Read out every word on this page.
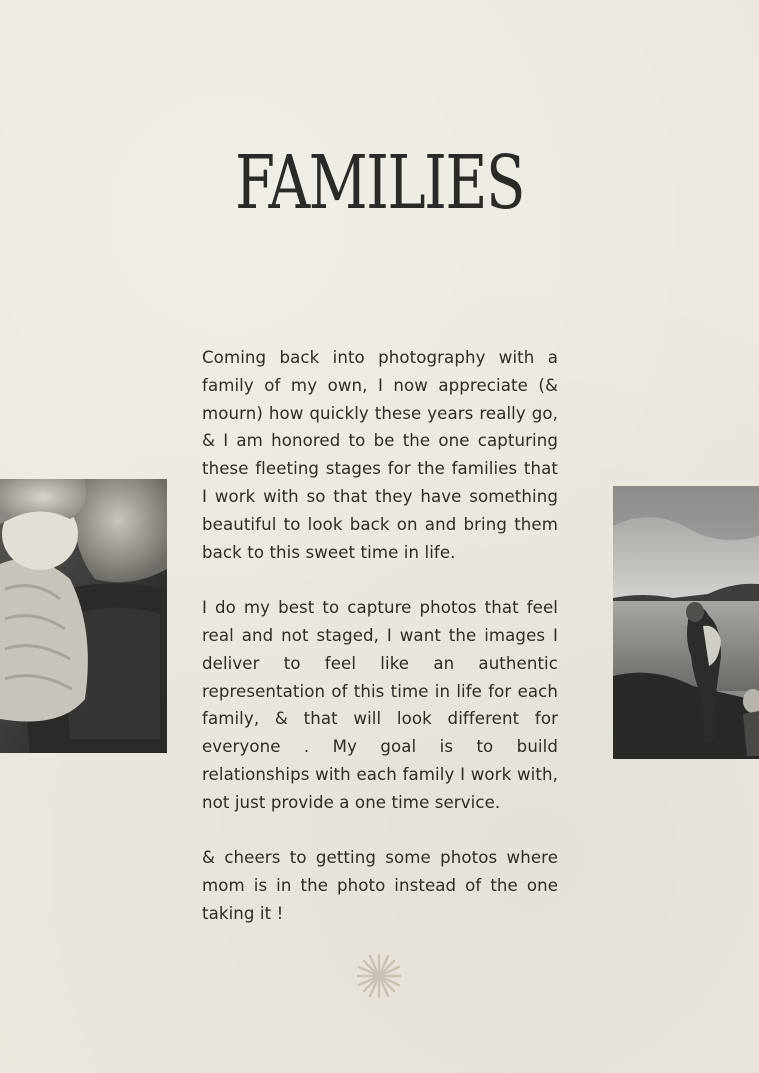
FAMILIES

Coming back into photography with a family of my own, I now appreciate (& mourn) how quickly these years really go, & I am honored to be the one capturing these fleeting stages for the families that I work with so that they have something beautiful to look back on and bring them back to this sweet time in life.

I do my best to capture photos that feel real and not staged, I want the images I deliver to feel like an authentic representation of this time in life for each family, & that will look different for everyone . My goal is to build relationships with each family I work with, not just provide a one time service.

& cheers to getting some photos where mom is in the photo instead of the one taking it !
